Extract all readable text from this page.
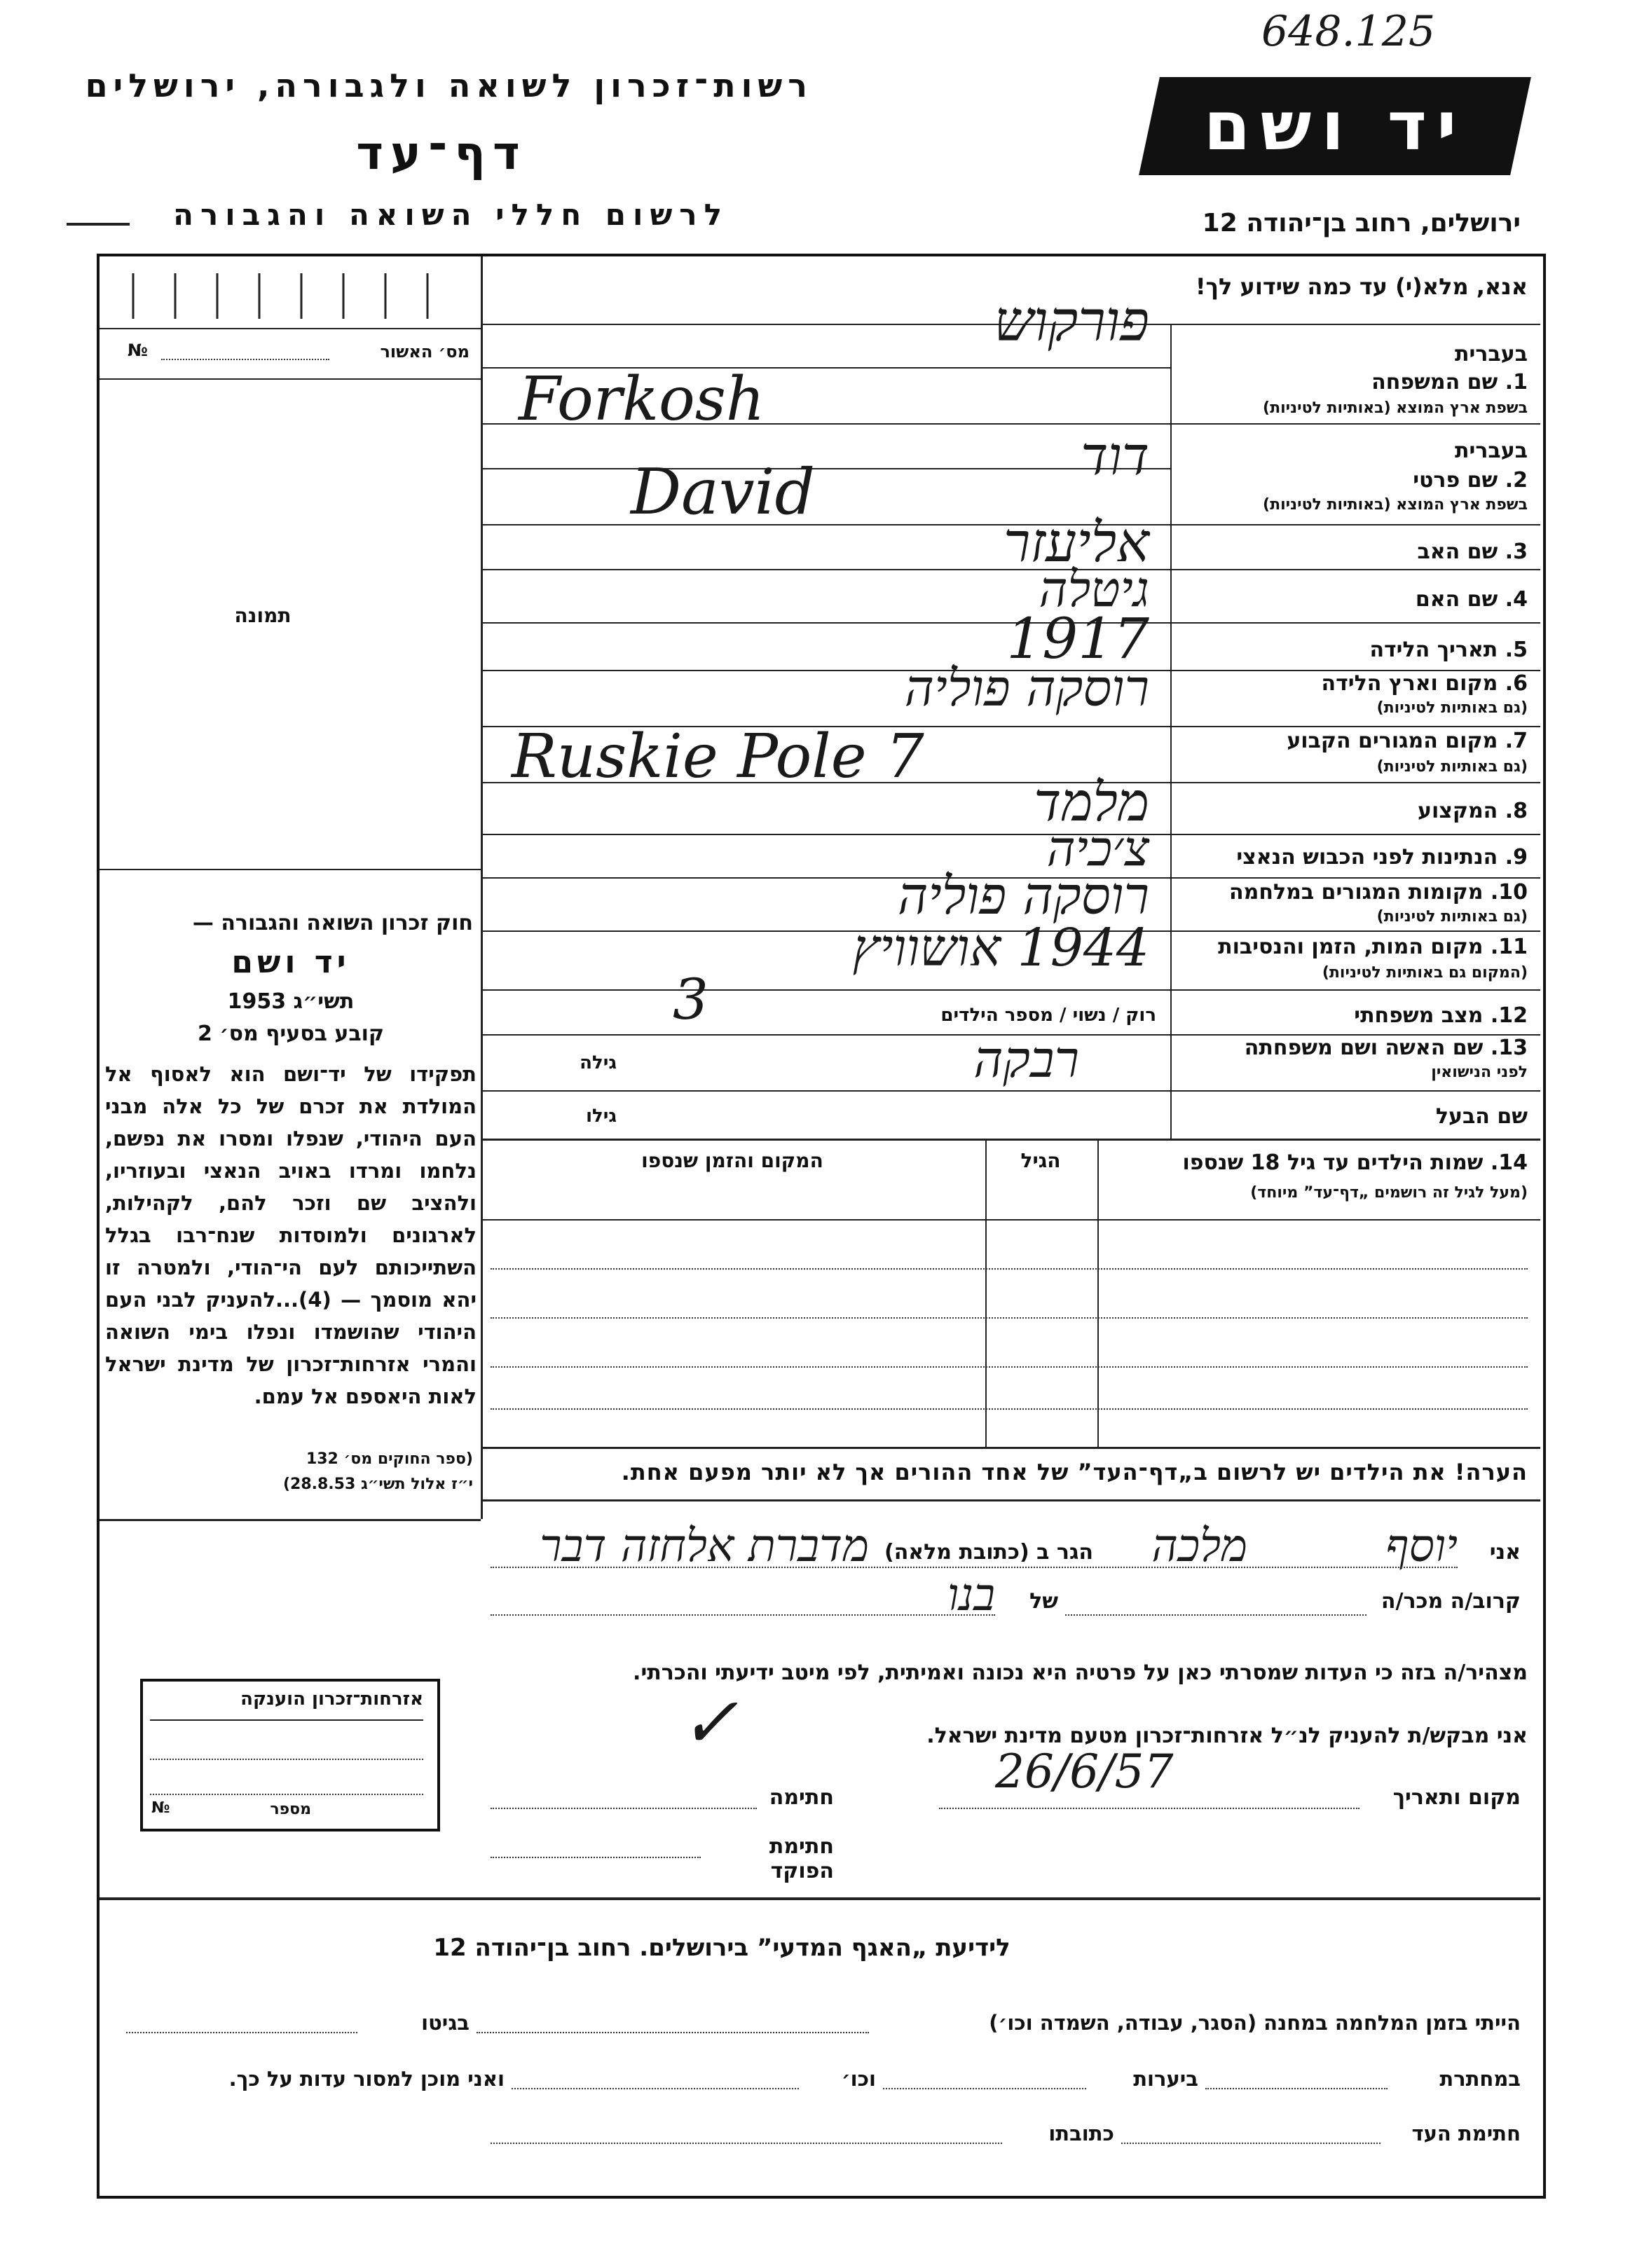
648.125
רשות־זכרון לשואה ולגבורה, ירושלים
דף־עד
לרשום חללי השואה והגבורה
יד ושם
ירושלים, רחוב בן־יהודה 12
מס׳ האשור
№
תמונה
חוק זכרון השואה והגבורה —
יד ושם
תשי״ג 1953
קובע בסעיף מס׳ 2
תפקידו של יד־ושם הוא לאסוף אל המולדת את זכרם של כל אלה מבני העם היהודי, שנפלו ומסרו את נפשם, נלחמו ומרדו באויב הנאצי ובעוזריו, ולהציב שם וזכר להם, לקהילות, לארגונים ולמוסדות שנח־רבו בגלל השתייכותם לעם הי־הודי, ולמטרה זו יהא מוסמך — (4)...להעניק לבני העם היהודי שהושמדו ונפלו בימי השואה והמרי אזרחות־זכרון של מדינת ישראל לאות היאספם אל עמם.
(ספר החוקים מס׳ 132
י״ז אלול תשי״ג 28.8.53)
אנא, מלא(י) עד כמה שידוע לך!
בעברית
1. שם המשפחה
בשפת ארץ המוצא (באותיות לטיניות)
פורקוש
Forkosh
בעברית
2. שם פרטי
בשפת ארץ המוצא (באותיות לטיניות)
דוד
David
3. שם האב
אליעזר
4. שם האם
גיטלה
5. תאריך הלידה
1917
6. מקום וארץ הלידה
(גם באותיות לטיניות)
רוסקה פוליה
7. מקום המגורים הקבוע
(גם באותיות לטיניות)
Ruskie Pole 7
8. המקצוע
מלמד
9. הנתינות לפני הכבוש הנאצי
צ׳כיה
10. מקומות המגורים במלחמה
(גם באותיות לטיניות)
רוסקה פוליה
11. מקום המות, הזמן והנסיבות
(המקום גם באותיות לטיניות)
1944 אושוויץ
12. מצב משפחתי
רוק / נשוי / מספר הילדים
3
13. שם האשה ושם משפחתה
לפני הנישואין
גילה	רבקה
שם הבעל
גילו
14. שמות הילדים עד גיל 18 שנספו
(מעל לגיל זה רושמים „דף־עד” מיוחד)
הגיל
המקום והזמן שנספו
הערה! את הילדים יש לרשום ב„דף־העד” של אחד ההורים אך לא יותר מפעם אחת.
אני
יוסף
מלכה
הגר ב (כתובת מלאה)
מדברת אלחזה דבר
קרוב/ה מכר/ה
של
בנו
מצהיר/ה בזה כי העדות שמסרתי כאן על פרטיה היא נכונה ואמיתית, לפי מיטב ידיעתי והכרתי.
אני מבקש/ת להעניק לנ״ל אזרחות־זכרון מטעם מדינת ישראל.
✓
מקום ותאריך
26/6/57
חתימה
חתימת הפוקד
אזרחות־זכרון הוענקה
מספר
№
לידיעת „האגף המדעי” בירושלים. רחוב בן־יהודה 12
הייתי בזמן המלחמה במחנה (הסגר, עבודה, השמדה וכו׳)
בגיטו
במחתרת
ביערות
וכו׳
ואני מוכן למסור עדות על כך.
חתימת העד
כתובתו
